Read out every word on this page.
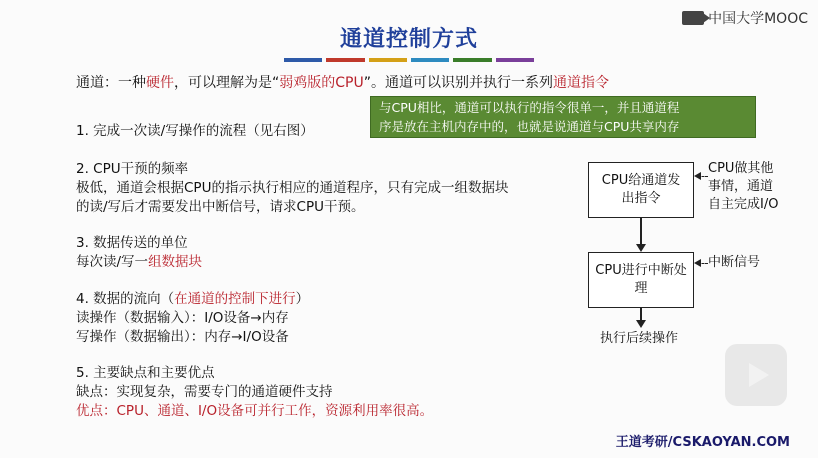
中国大学MOOC
通道控制方式
通道：一种硬件，可以理解为是“弱鸡版的CPU”。通道可以识别并执行一系列通道指令
与CPU相比，通道可以执行的指令很单一，并且通道程
序是放在主机内存中的，也就是说通道与CPU共享内存
1. 完成一次读/写操作的流程（见右图）
2. CPU干预的频率
极低，通道会根据CPU的指示执行相应的通道程序，只有完成一组数据块
的读/写后才需要发出中断信号，请求CPU干预。
3. 数据传送的单位
每次读/写一组数据块
4. 数据的流向（在通道的控制下进行）
读操作（数据输入）：I/O设备→内存
写操作（数据输出）：内存→I/O设备
5. 主要缺点和主要优点
缺点：实现复杂，需要专门的通道硬件支持
优点：CPU、通道、I/O设备可并行工作，资源利用率很高。
CPU给通道发出指令
CPU进行中断处理
执行后续操作
CPU做其他
事情，通道
自主完成I/O
中断信号
王道考研/CSKAOYAN.COM
